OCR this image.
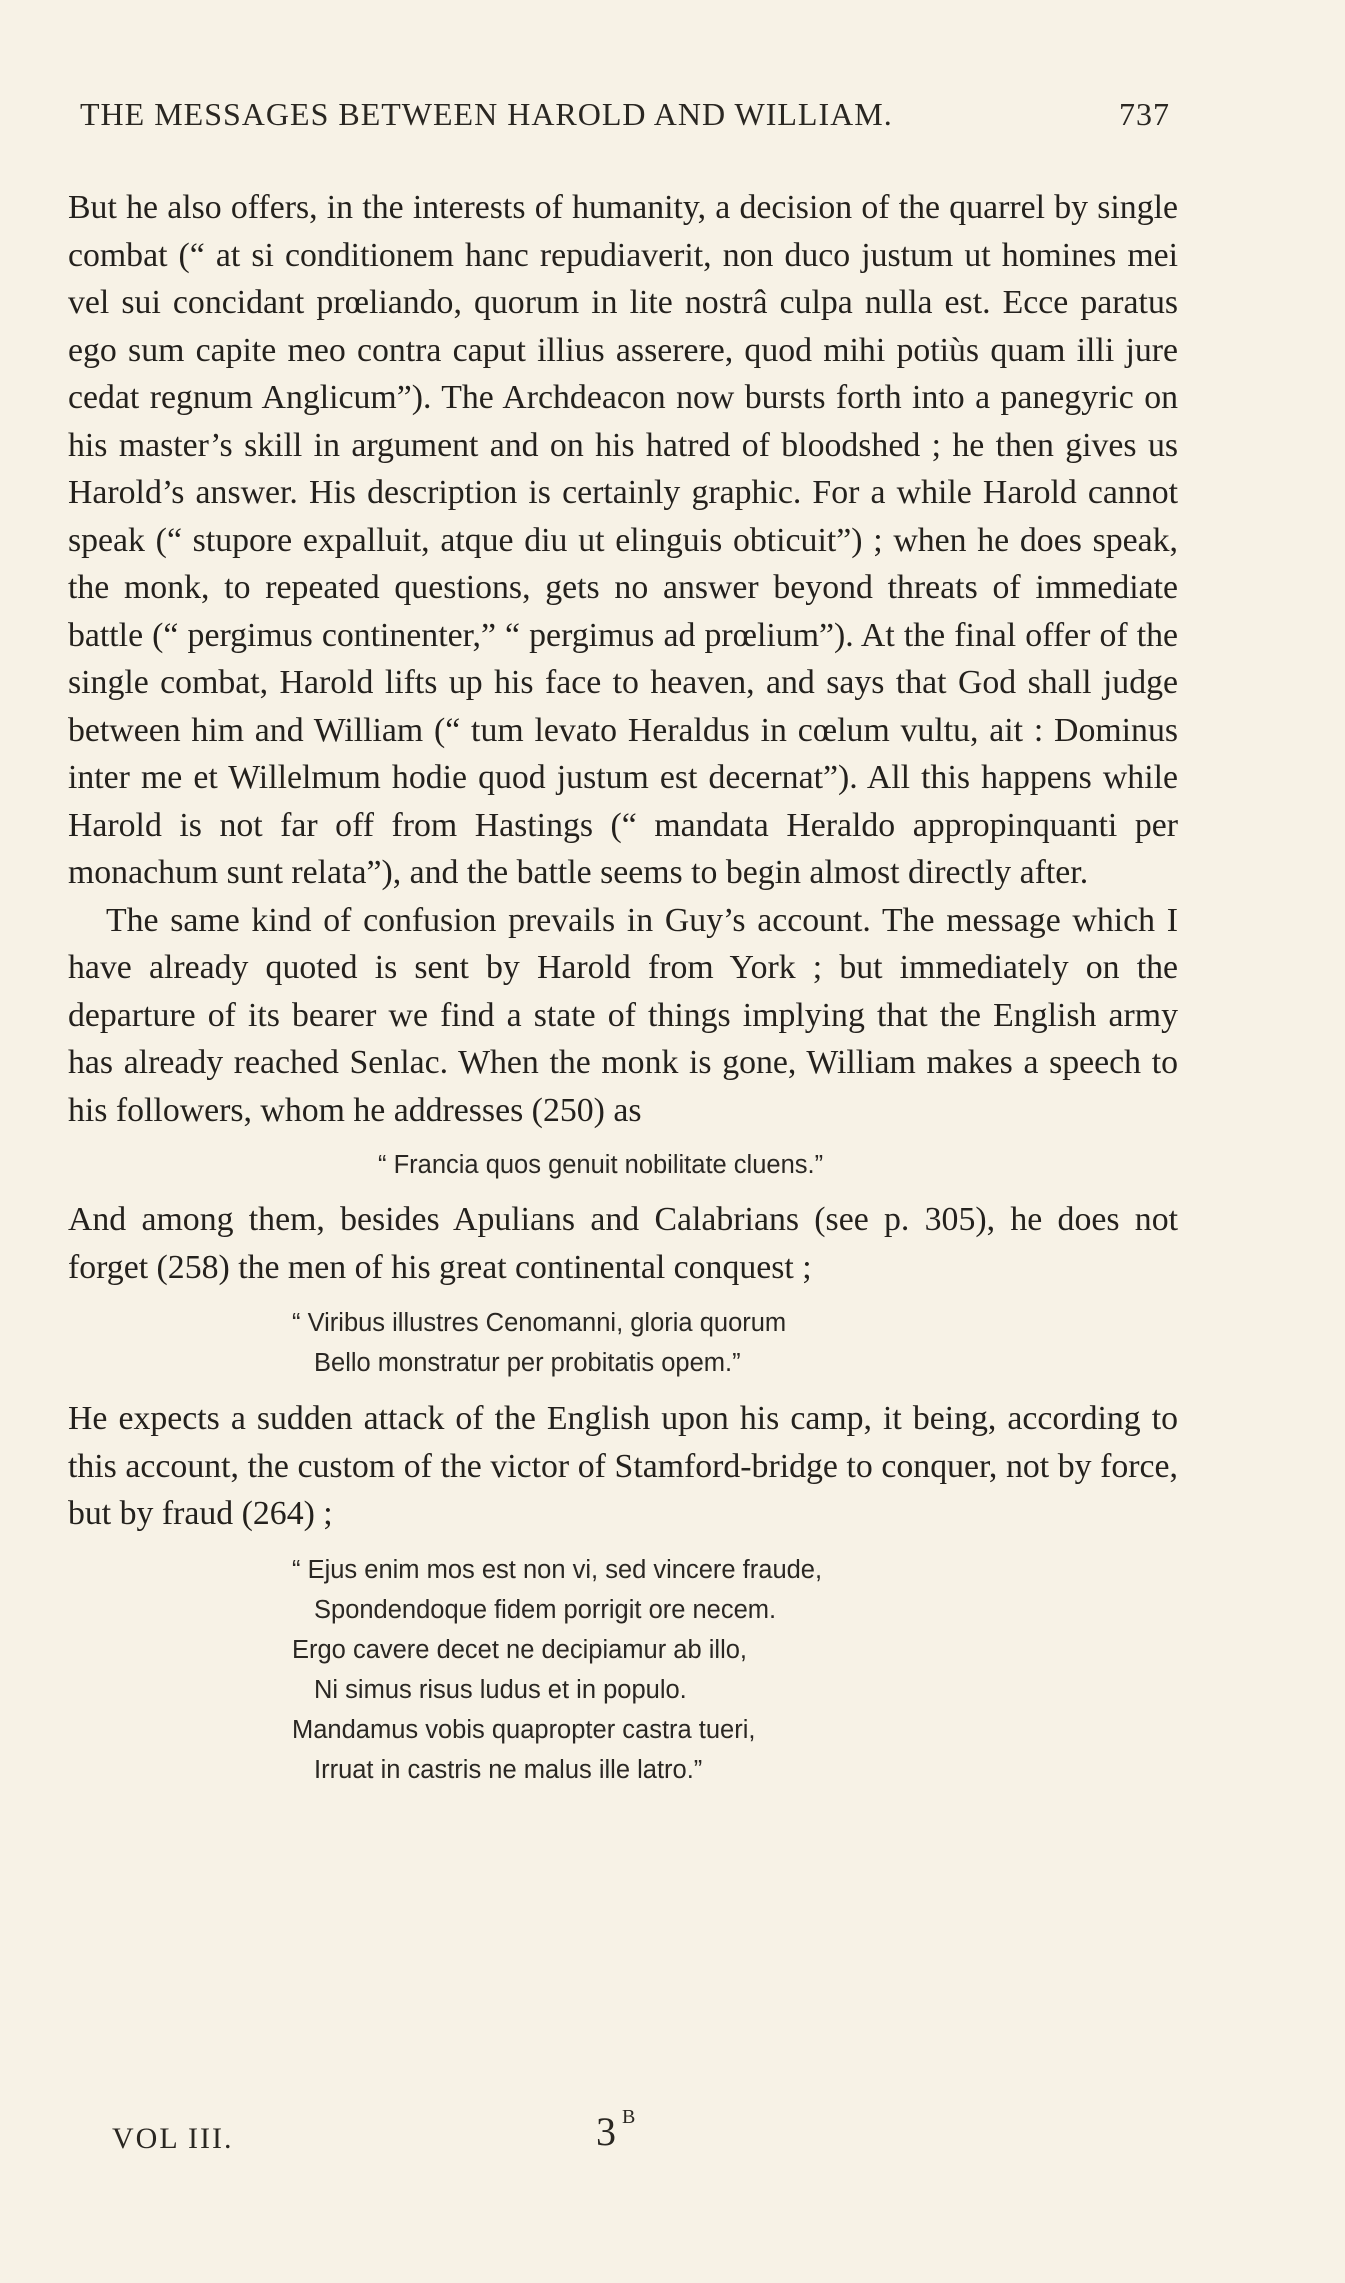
THE MESSAGES BETWEEN HAROLD AND WILLIAM.	737

But he also offers, in the interests of humanity, a decision of the quarrel by single combat (“ at si conditionem hanc repudiaverit, non duco justum ut homines mei vel sui concidant prœliando, quorum in lite nostrâ culpa nulla est. Ecce paratus ego sum capite meo contra caput illius asserere, quod mihi potiùs quam illi jure cedat regnum Anglicum”). The Archdeacon now bursts forth into a panegyric on his master’s skill in argument and on his hatred of bloodshed ; he then gives us Harold’s answer. His description is certainly graphic. For a while Harold cannot speak (“ stupore expalluit, atque diu ut elinguis obticuit”) ; when he does speak, the monk, to repeated questions, gets no answer beyond threats of immediate battle (“ pergimus continenter,” “ pergimus ad prœlium”). At the final offer of the single combat, Harold lifts up his face to heaven, and says that God shall judge between him and William (“ tum levato Heraldus in cœlum vultu, ait : Dominus inter me et Willelmum hodie quod justum est decernat”). All this happens while Harold is not far off from Hastings (“ mandata Heraldo appropinquanti per monachum sunt relata”), and the battle seems to begin almost directly after.

The same kind of confusion prevails in Guy’s account. The message which I have already quoted is sent by Harold from York ; but immediately on the departure of its bearer we find a state of things implying that the English army has already reached Senlac. When the monk is gone, William makes a speech to his followers, whom he addresses (250) as

“ Francia quos genuit nobilitate cluens.”

And among them, besides Apulians and Calabrians (see p. 305), he does not forget (258) the men of his great continental conquest ;

“ Viribus illustres Cenomanni, gloria quorum
Bello monstratur per probitatis opem.”

He expects a sudden attack of the English upon his camp, it being, according to this account, the custom of the victor of Stamford-bridge to conquer, not by force, but by fraud (264) ;

“ Ejus enim mos est non vi, sed vincere fraude,
Spondendoque fidem porrigit ore necem.
Ergo cavere decet ne decipiamur ab illo,
Ni simus risus ludus et in populo.
Mandamus vobis quapropter castra tueri,
Irruat in castris ne malus ille latro.”
VOL III.	3 $^B$
